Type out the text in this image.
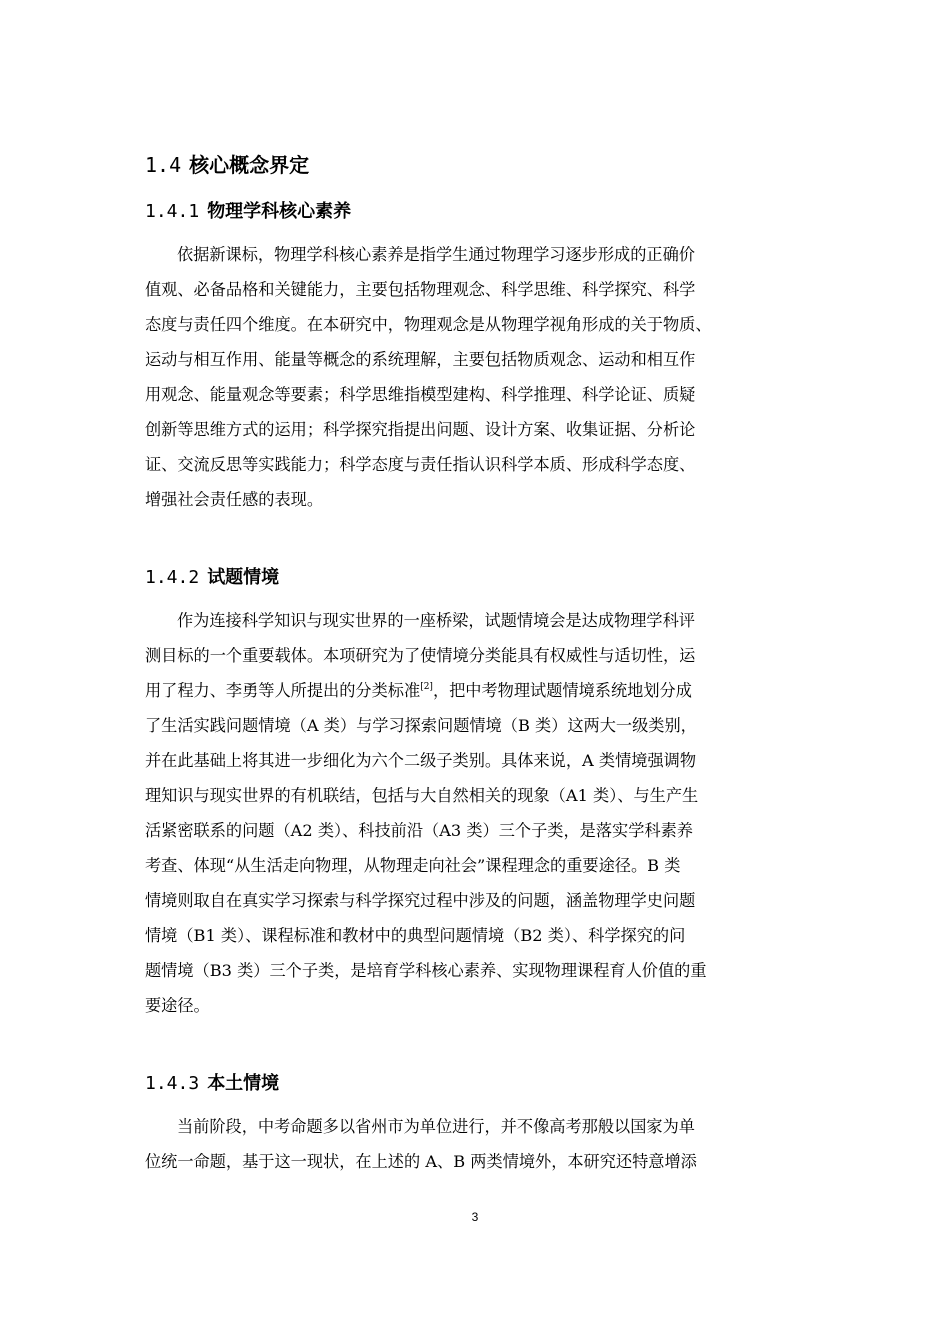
1.4 核心概念界定
1.4.1 物理学科核心素养
依据新课标，物理学科核心素养是指学生通过物理学习逐步形成的正确价
值观、必备品格和关键能力，主要包括物理观念、科学思维、科学探究、科学
态度与责任四个维度。在本研究中，物理观念是从物理学视角形成的关于物质、
运动与相互作用、能量等概念的系统理解，主要包括物质观念、运动和相互作
用观念、能量观念等要素；科学思维指模型建构、科学推理、科学论证、质疑
创新等思维方式的运用；科学探究指提出问题、设计方案、收集证据、分析论
证、交流反思等实践能力；科学态度与责任指认识科学本质、形成科学态度、
增强社会责任感的表现。
1.4.2 试题情境
作为连接科学知识与现实世界的一座桥梁，试题情境会是达成物理学科评
测目标的一个重要载体。本项研究为了使情境分类能具有权威性与适切性，运
用了程力、李勇等人所提出的分类标准[2]，把中考物理试题情境系统地划分成
了生活实践问题情境（A 类）与学习探索问题情境（B 类）这两大一级类别，
并在此基础上将其进一步细化为六个二级子类别。具体来说，A 类情境强调物
理知识与现实世界的有机联结，包括与大自然相关的现象（A1 类）、与生产生
活紧密联系的问题（A2 类）、科技前沿（A3 类）三个子类，是落实学科素养
考查、体现“从生活走向物理，从物理走向社会”课程理念的重要途径。B 类
情境则取自在真实学习探索与科学探究过程中涉及的问题，涵盖物理学史问题
情境（B1 类）、课程标准和教材中的典型问题情境（B2 类）、科学探究的问
题情境（B3 类）三个子类，是培育学科核心素养、实现物理课程育人价值的重
要途径。
1.4.3 本土情境
当前阶段，中考命题多以省州市为单位进行，并不像高考那般以国家为单
位统一命题，基于这一现状，在上述的 A、B 两类情境外，本研究还特意增添
3
